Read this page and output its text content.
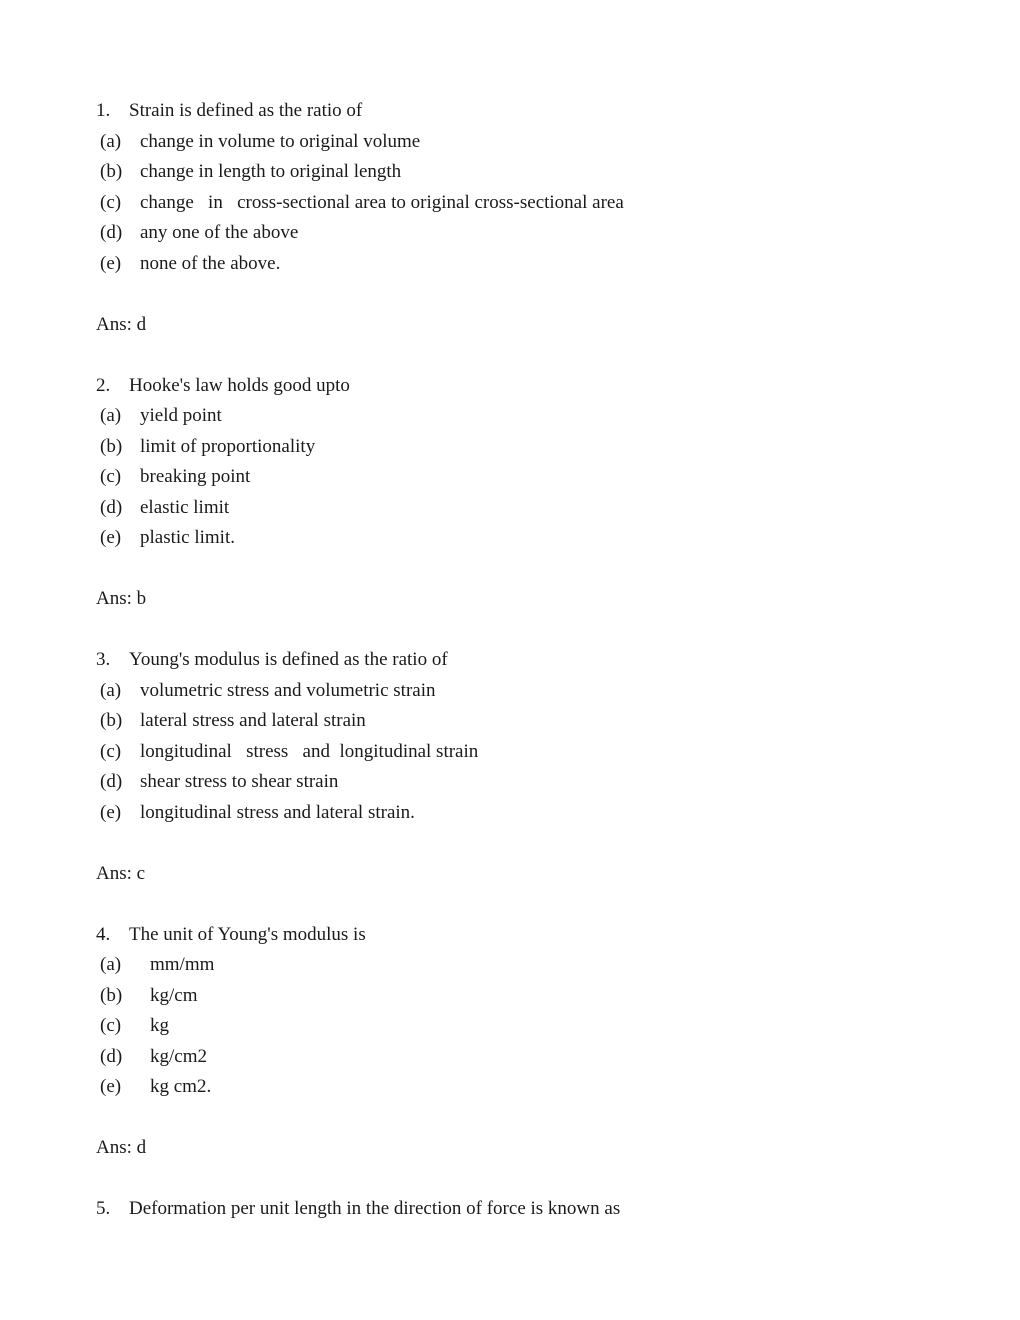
1. Strain is defined as the ratio of
(a) change in volume to original volume
(b) change in length to original length
(c) change   in   cross-sectional area to original cross-sectional area
(d) any one of the above
(e) none of the above.
Ans: d
2. Hooke's law holds good upto
(a) yield point
(b) limit of proportionality
(c) breaking point
(d) elastic limit
(e) plastic limit.
Ans: b
3. Young's modulus is defined as the ratio of
(a) volumetric stress and volumetric strain
(b) lateral stress and lateral strain
(c) longitudinal   stress   and  longitudinal strain
(d) shear stress to shear strain
(e) longitudinal stress and lateral strain.
Ans: c
4. The unit of Young's modulus is
(a)	mm/mm
(b)	kg/cm
(c)	kg
(d)	kg/cm2
(e)	kg cm2.
Ans: d
5. Deformation per unit length in the direction of force is known as
